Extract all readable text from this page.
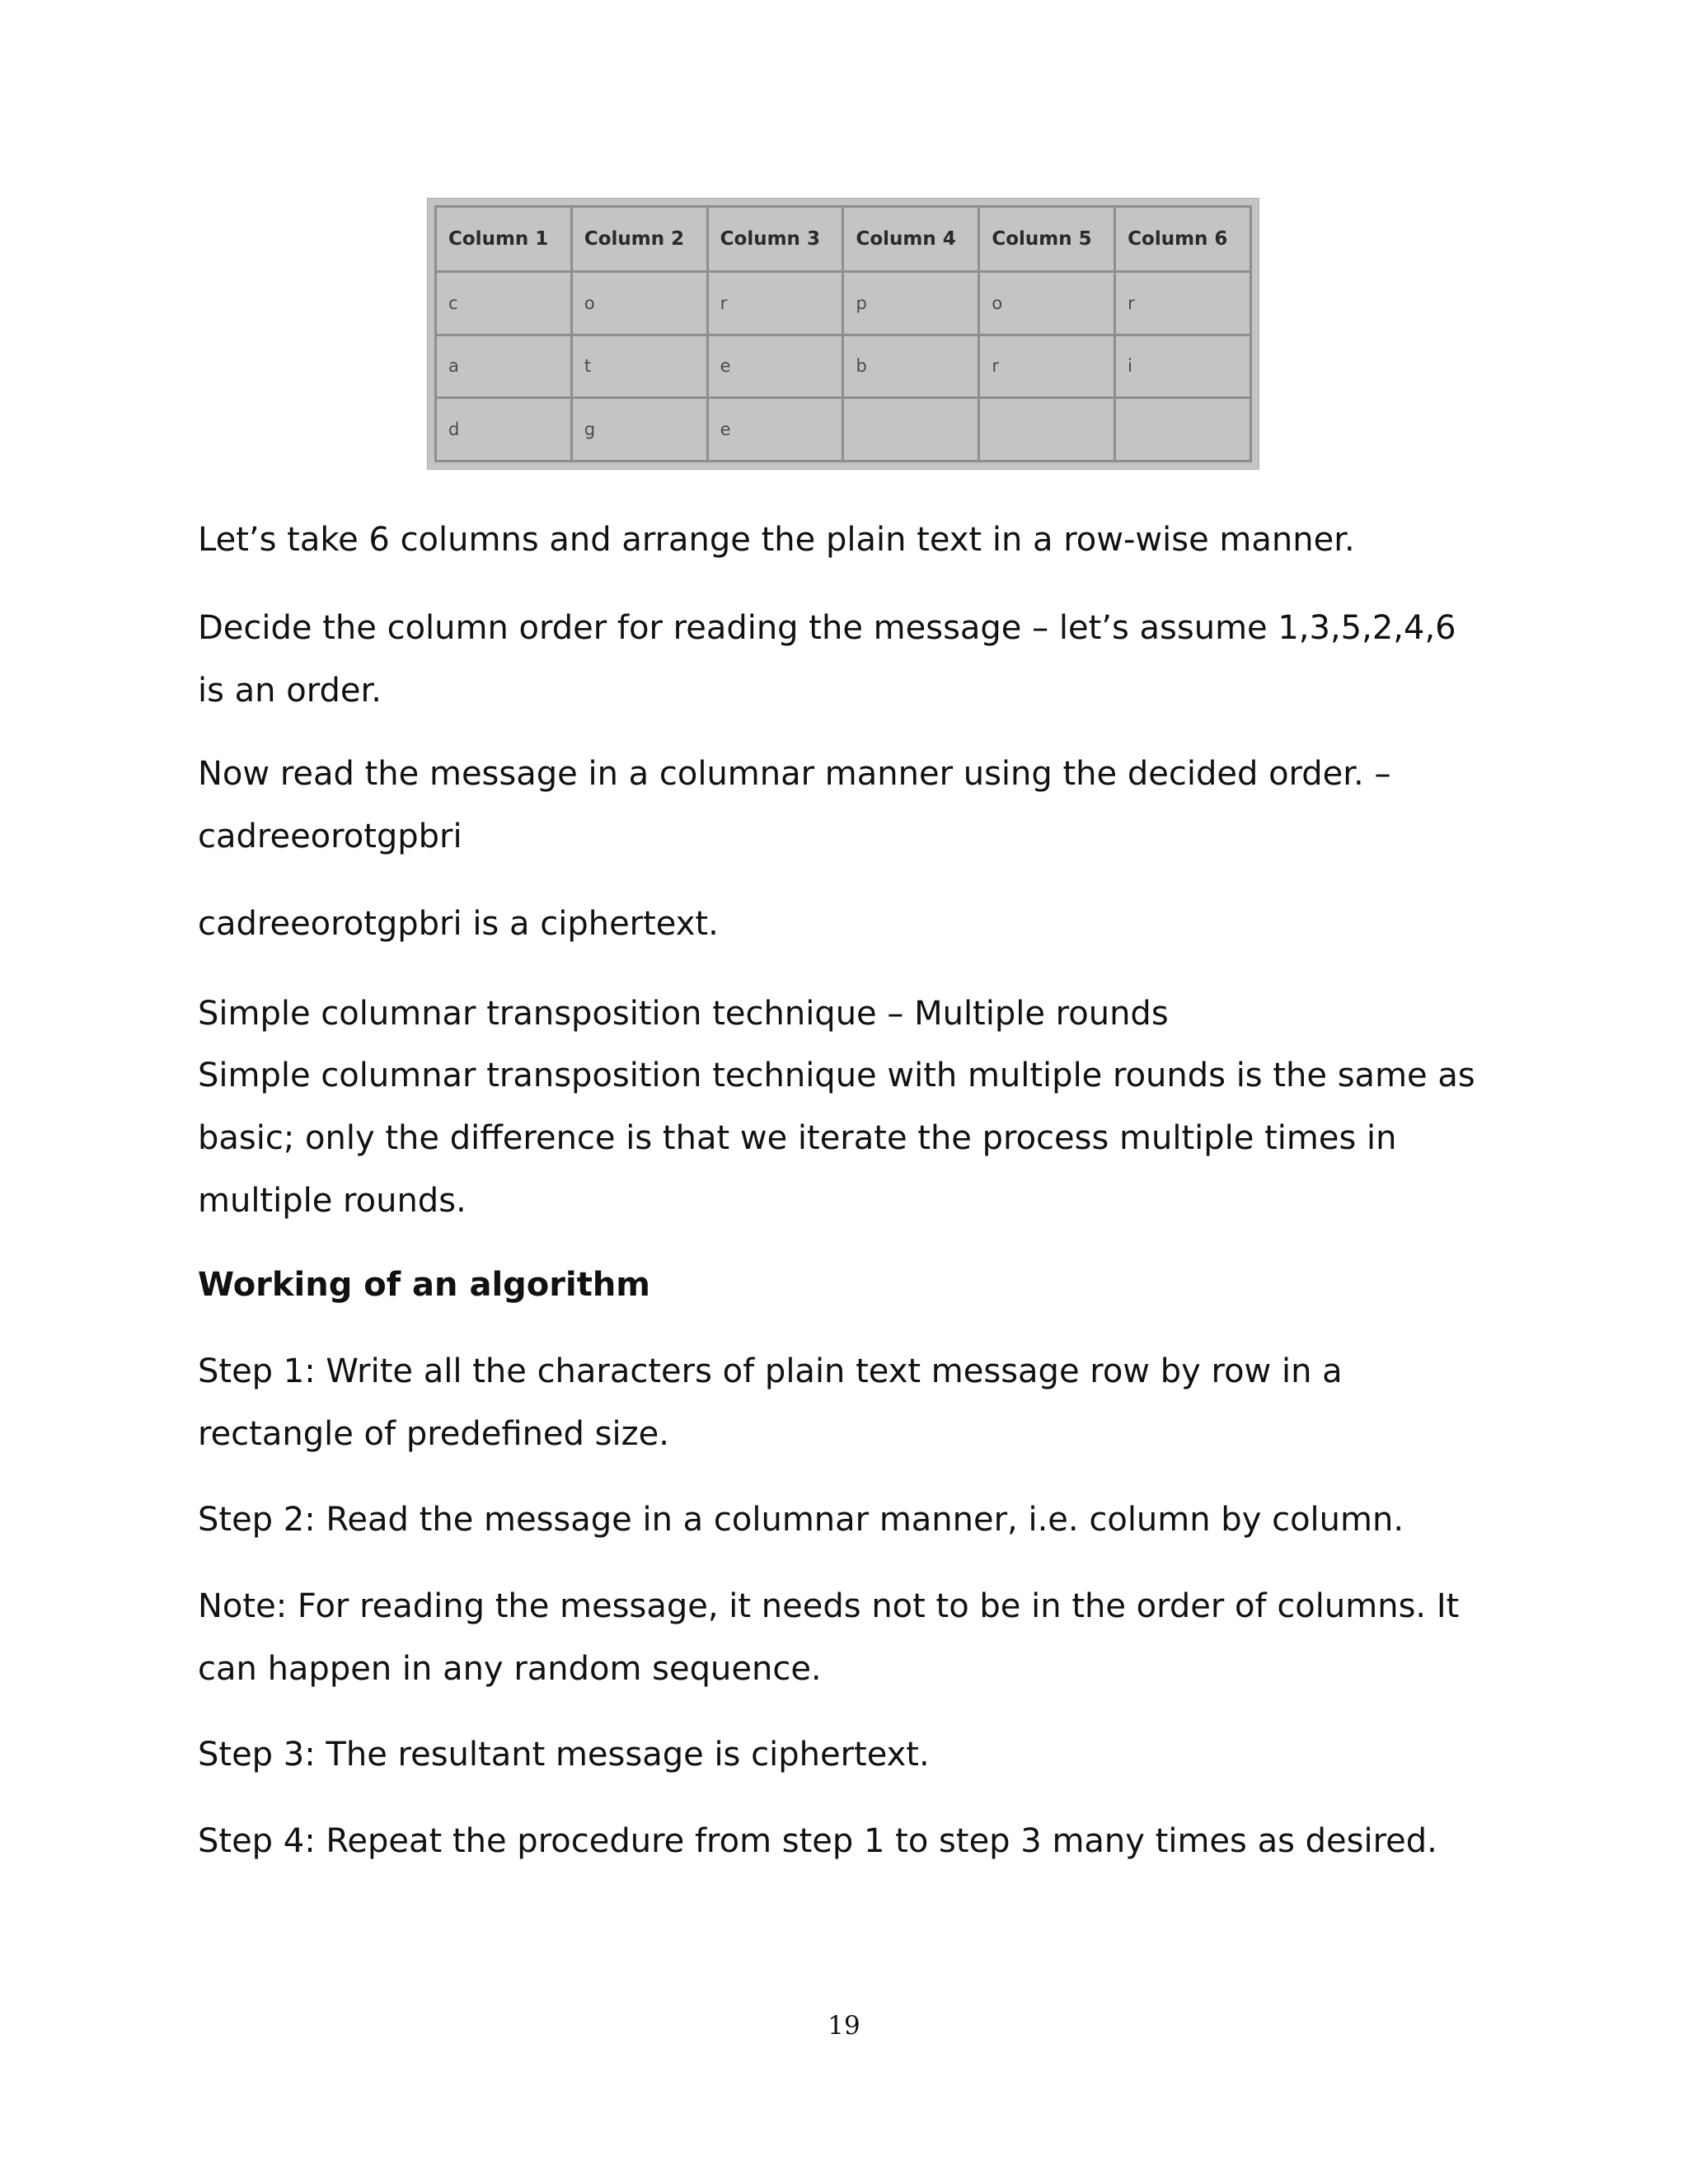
Column 1	Column 2	Column 3	Column 4	Column 5	Column 6
c	o	r	p	o	r
a	t	e	b	r	i
d	g	e			

Let’s take 6 columns and arrange the plain text in a row-wise manner.

Decide the column order for reading the message – let’s assume 1,3,5,2,4,6
is an order.

Now read the message in a columnar manner using the decided order. –
cadreeorotgpbri

cadreeorotgpbri is a ciphertext.

Simple columnar transposition technique – Multiple rounds

Simple columnar transposition technique with multiple rounds is the same as
basic; only the difference is that we iterate the process multiple times in
multiple rounds.

Working of an algorithm

Step 1: Write all the characters of plain text message row by row in a
rectangle of predefined size.

Step 2: Read the message in a columnar manner, i.e. column by column.

Note: For reading the message, it needs not to be in the order of columns. It
can happen in any random sequence.

Step 3: The resultant message is ciphertext.

Step 4: Repeat the procedure from step 1 to step 3 many times as desired.

19
